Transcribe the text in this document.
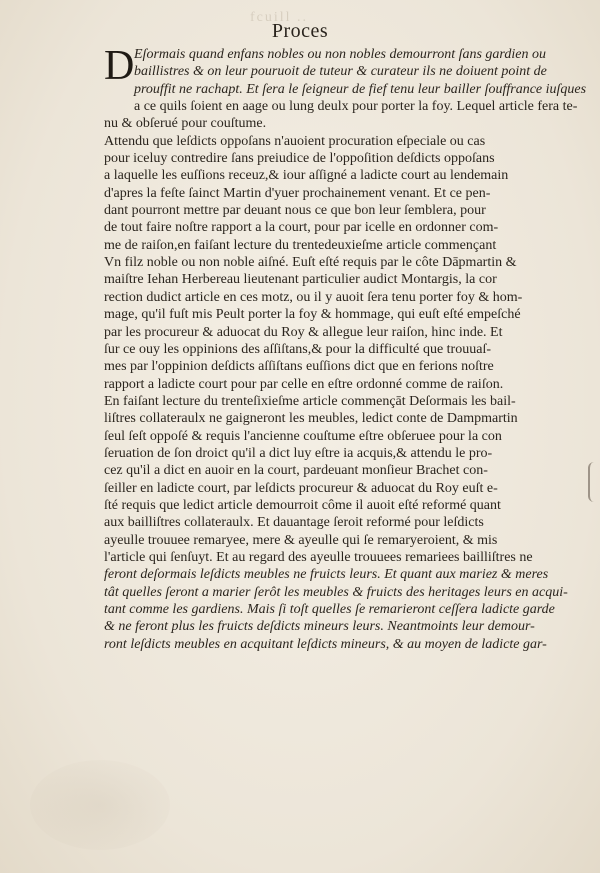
fcuill ..
Proces
D Eſormais quand enfans nobles ou non nobles demourront ſans gardien ou
baillistres & on leur pouruoit de tuteur & curateur ils ne doiuent point de
prouffit ne rachapt. Et ſera le ſeigneur de fief tenu leur bailler ſouffrance iuſques
a ce quils ſoient en aage ou lung deulx pour porter la foy. Lequel article fera te-
nu & obſerué pour couſtume.
Attendu que leſdicts oppoſans n'auoient procuration eſpeciale ou cas
pour iceluy contredire ſans preiudice de l'oppoſition deſdicts oppoſans
a laquelle les euſſions receuz,& iour aſſigné a ladicte court au lendemain
d'apres la feſte ſainct Martin d'yuer prochainement venant. Et ce pen-
dant pourront mettre par deuant nous ce que bon leur ſemblera, pour
de tout faire noſtre rapport a la court, pour par icelle en ordonner com-
me de raiſon,en faiſant lecture du trentedeuxieſme article commençant
Vn filz noble ou non noble aiſné. Euſt eſté requis par le côte Dāpmartin &
maiſtre Iehan Herbereau lieutenant particulier audict Montargis, la cor
rection dudict article en ces motz, ou il y auoit ſera tenu porter foy & hom-
mage, qu'il fuſt mis Peult porter la foy & hommage, qui euſt eſté empeſché
par les procureur & aduocat du Roy & allegue leur raiſon, hinc inde. Et
ſur ce ouy les oppinions des aſſiſtans,& pour la difficulté que trouuaſ-
mes par l'oppinion deſdicts aſſiſtans euſſions dict que en ferions noſtre
rapport a ladicte court pour par celle en eſtre ordonné comme de raiſon.
En faiſant lecture du trenteſixieſme article commençāt Deſormais les bail-
liſtres collateraulx ne gaigneront les meubles, ledict conte de Dampmartin
ſeul ſeſt oppoſé & requis l'ancienne couſtume eſtre obſeruee pour la con
ſeruation de ſon droict qu'il a dict luy eſtre ia acquis,& attendu le pro-
cez qu'il a dict en auoir en la court, pardeuant monſieur Brachet con-
ſeiller en ladicte court, par leſdicts procureur & aduocat du Roy euſt e-
ſté requis que ledict article demourroit côme il auoit eſté reformé quant
aux bailliſtres collateraulx. Et dauantage ſeroit reformé pour leſdicts
ayeulle trouuee remaryee, mere & ayeulle qui ſe remaryeroient, & mis
l'article qui ſenſuyt. Et au regard des ayeulle trouuees remariees bailliſtres ne
feront deſormais leſdicts meubles ne fruicts leurs. Et quant aux mariez & meres
tât quelles ſeront a marier ſerôt les meubles & fruicts des heritages leurs en acqui-
tant comme les gardiens. Mais ſi toſt quelles ſe remarieront ceſſera ladicte garde
& ne feront plus les fruicts deſdicts mineurs leurs. Neantmoints leur demour-
ront leſdicts meubles en acquitant leſdicts mineurs, & au moyen de ladicte gar-
